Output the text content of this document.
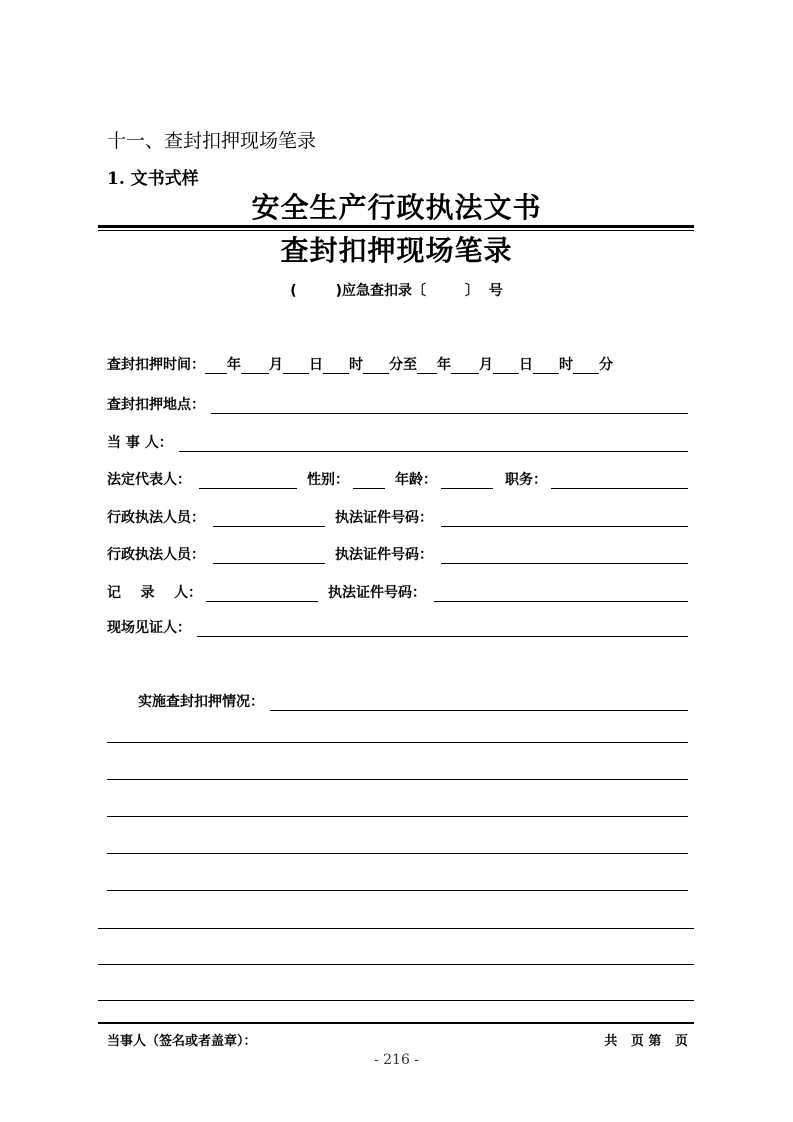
十一、查封扣押现场笔录
1. 文书式样
安全生产行政执法文书
查封扣押现场笔录
(        )应急查扣录〔        〕  号
查封扣押时间： 年 月 日 时 分至 年 月 日 时 分
查封扣押地点：
当 事 人：
法定代表人：	性别：	年龄：	职务：
行政执法人员：	执法证件号码：
行政执法人员：	执法证件号码：
记    录    人：	执法证件号码：
现场见证人：
实施查封扣押情况：
当事人（签名或者盖章）：	共   页 第   页
- 216 -
